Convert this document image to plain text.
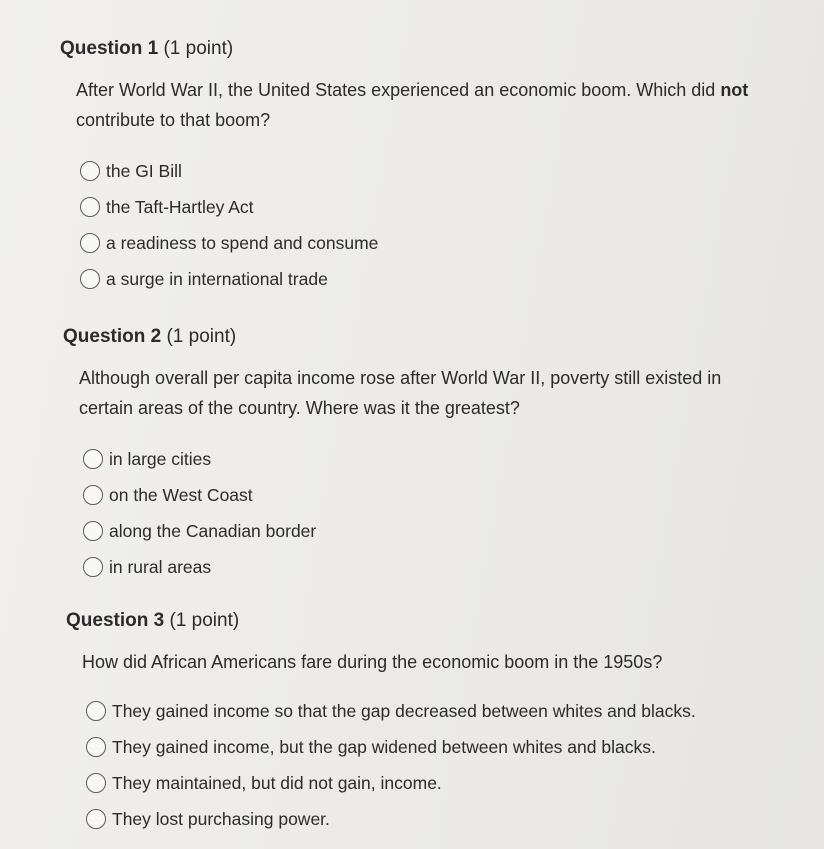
Question 1 (1 point)
After World War II, the United States experienced an economic boom. Which did not contribute to that boom?
the GI Bill
the Taft-Hartley Act
a readiness to spend and consume
a surge in international trade
Question 2 (1 point)
Although overall per capita income rose after World War II, poverty still existed in certain areas of the country. Where was it the greatest?
in large cities
on the West Coast
along the Canadian border
in rural areas
Question 3 (1 point)
How did African Americans fare during the economic boom in the 1950s?
They gained income so that the gap decreased between whites and blacks.
They gained income, but the gap widened between whites and blacks.
They maintained, but did not gain, income.
They lost purchasing power.
